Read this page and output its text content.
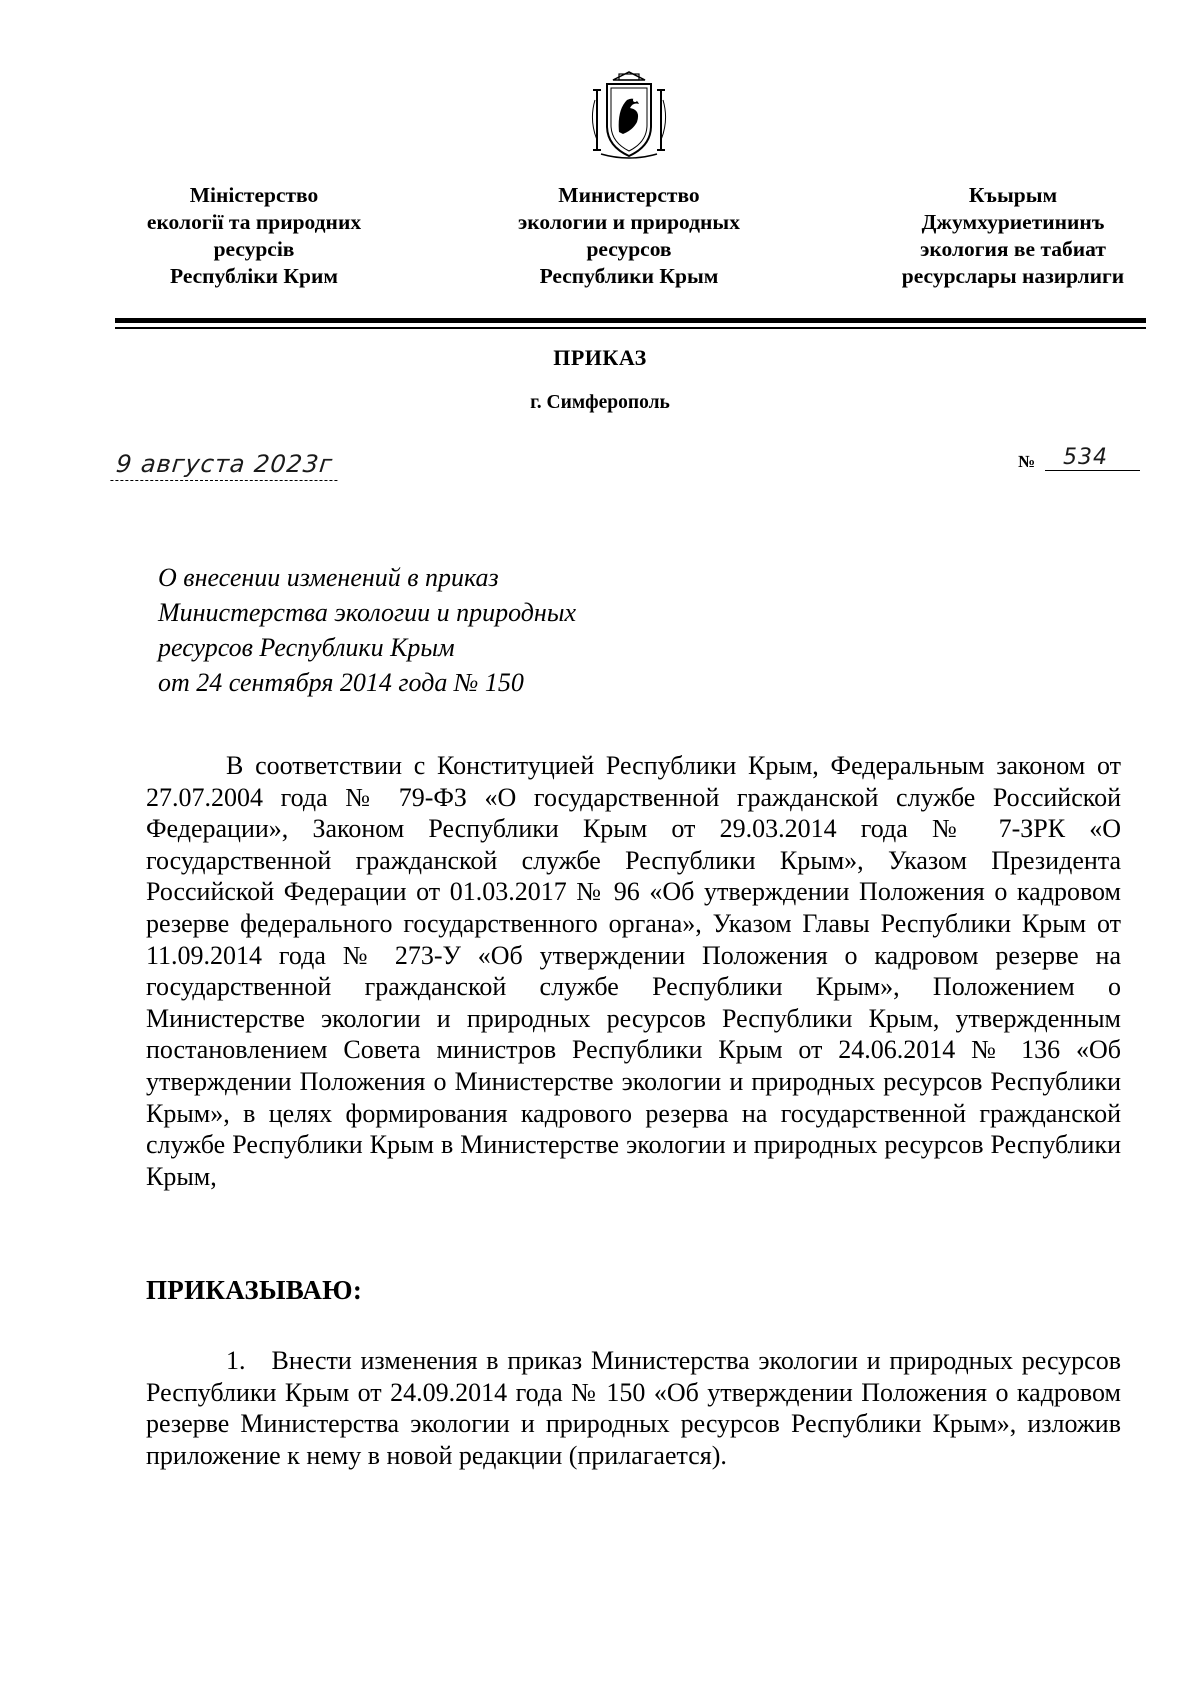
Міністерство
екології та природних
ресурсів
Республіки Крим
Министерство
экологии и природных
ресурсов
Республики Крым
Къырым
Джумхуриетининъ
экология ве табиат
ресурслары назирлиги
ПРИКАЗ
г. Симферополь
9 августа 2023г	№	534
О внесении изменений в приказ
Министерства экологии и природных
ресурсов Республики Крым
от 24 сентября 2014 года № 150
В соответствии с Конституцией Республики Крым, Федеральным законом от 27.07.2004 года № 79-ФЗ «О государственной гражданской службе Российской Федерации», Законом Республики Крым от 29.03.2014 года № 7-ЗРК «О государственной гражданской службе Республики Крым», Указом Президента Российской Федерации от 01.03.2017 № 96 «Об утверждении Положения о кадровом резерве федерального государственного органа», Указом Главы Республики Крым от 11.09.2014 года № 273-У «Об утверждении Положения о кадровом резерве на государственной гражданской службе Республики Крым», Положением о Министерстве экологии и природных ресурсов Республики Крым, утвержденным постановлением Совета министров Республики Крым от 24.06.2014 № 136 «Об утверждении Положения о Министерстве экологии и природных ресурсов Республики Крым», в целях формирования кадрового резерва на государственной гражданской службе Республики Крым в Министерстве экологии и природных ресурсов Республики Крым,
ПРИКАЗЫВАЮ:
1. Внести изменения в приказ Министерства экологии и природных ресурсов Республики Крым от 24.09.2014 года № 150 «Об утверждении Положения о кадровом резерве Министерства экологии и природных ресурсов Республики Крым», изложив приложение к нему в новой редакции (прилагается).
